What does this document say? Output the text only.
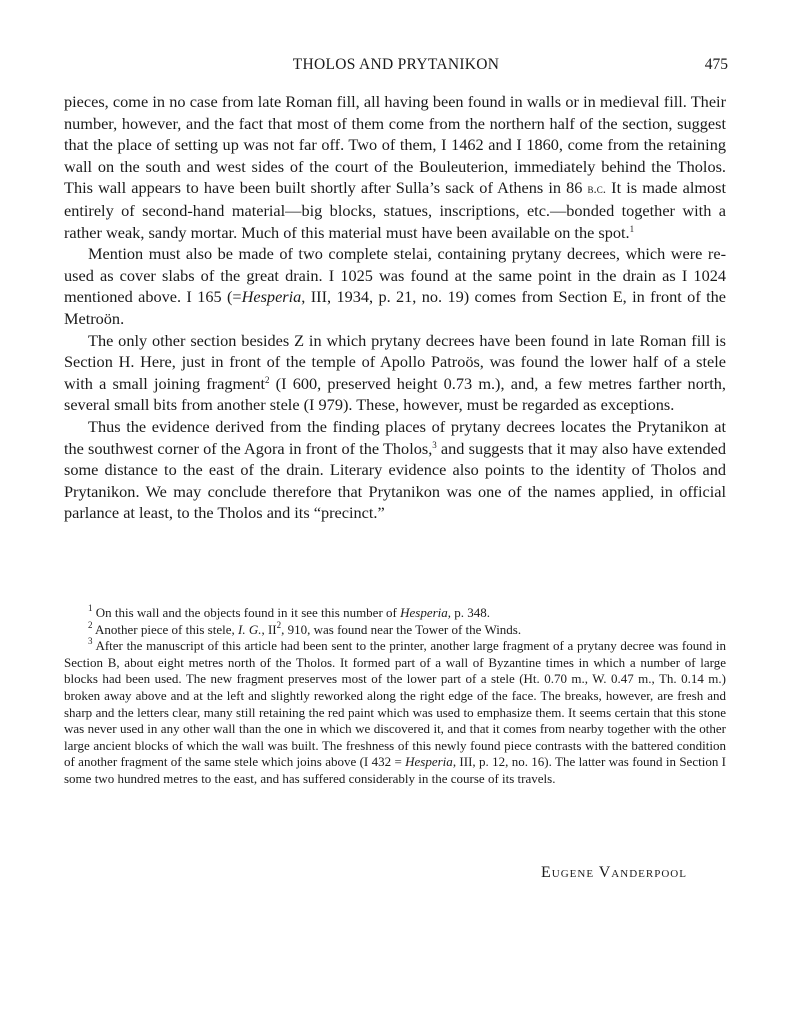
THOLOS AND PRYTANIKON	475

pieces, come in no case from late Roman fill, all having been found in walls or in medieval fill. Their number, however, and the fact that most of them come from the northern half of the section, suggest that the place of setting up was not far off. Two of them, I 1462 and I 1860, come from the retaining wall on the south and west sides of the court of the Bouleuterion, immediately behind the Tholos. This wall appears to have been built shortly after Sulla’s sack of Athens in 86 b.c. It is made almost entirely of second-hand material—big blocks, statues, inscriptions, etc.—bonded together with a rather weak, sandy mortar. Much of this material must have been available on the spot.$^1$

Mention must also be made of two complete stelai, containing prytany decrees, which were re-used as cover slabs of the great drain. I 1025 was found at the same point in the drain as I 1024 mentioned above. I 165 (=Hesperia, III, 1934, p. 21, no. 19) comes from Section Ε, in front of the Metroön.

The only other section besides Ζ in which prytany decrees have been found in late Roman fill is Section Η. Here, just in front of the temple of Apollo Patroös, was found the lower half of a stele with a small joining fragment$^2$ (I 600, preserved height 0.73 m.), and, a few metres farther north, several small bits from another stele (I 979). These, however, must be regarded as exceptions.

Thus the evidence derived from the finding places of prytany decrees locates the Prytanikon at the southwest corner of the Agora in front of the Tholos,$^3$ and suggests that it may also have extended some distance to the east of the drain. Literary evidence also points to the identity of Tholos and Prytanikon. We may conclude therefore that Prytanikon was one of the names applied, in official parlance at least, to the Tholos and its “precinct.”

$^1$ On this wall and the objects found in it see this number of Hesperia, p. 348.

$^2$ Another piece of this stele, I. G., $II^2$, 910, was found near the Tower of the Winds.

$^3$ After the manuscript of this article had been sent to the printer, another large fragment of a prytany decree was found in Section Β, about eight metres north of the Tholos. It formed part of a wall of Byzantine times in which a number of large blocks had been used. The new fragment preserves most of the lower part of a stele (Ht. 0.70 m., W. 0.47 m., Th. 0.14 m.) broken away above and at the left and slightly reworked along the right edge of the face. The breaks, however, are fresh and sharp and the letters clear, many still retaining the red paint which was used to emphasize them. It seems certain that this stone was never used in any other wall than the one in which we discovered it, and that it comes from nearby together with the other large ancient blocks of which the wall was built. The freshness of this newly found piece contrasts with the battered condition of another fragment of the same stele which joins above (I 432 = Hesperia, III, p. 12, no. 16). The latter was found in Section Ι some two hundred metres to the east, and has suffered considerably in the course of its travels.

Eugene Vanderpool
